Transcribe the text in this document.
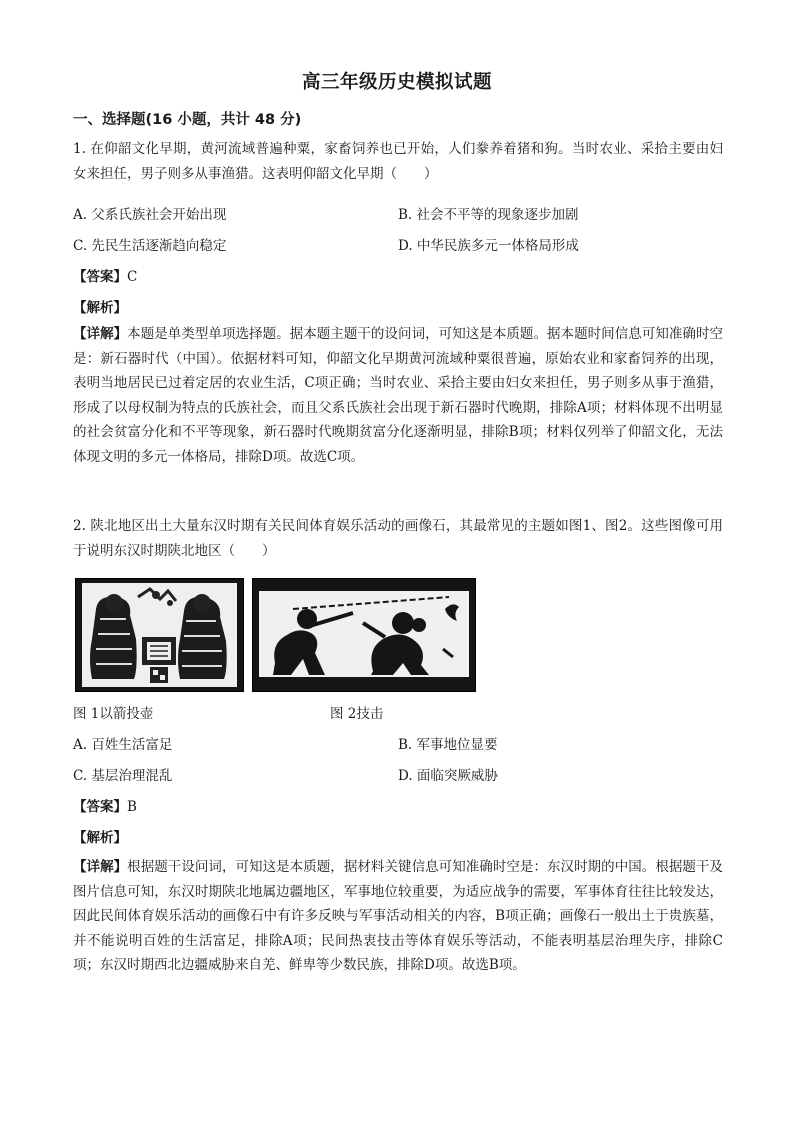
高三年级历史模拟试题
一、选择题(16 小题，共计 48 分)
1. 在仰韶文化早期，黄河流域普遍种粟，家畜饲养也已开始，人们豢养着猪和狗。当时农业、采拾主要由妇女来担任，男子则多从事渔猎。这表明仰韶文化早期（　　）
A. 父系氏族社会开始出现	B. 社会不平等的现象逐步加剧
C. 先民生活逐渐趋向稳定	D. 中华民族多元一体格局形成
【答案】C
【解析】
【详解】本题是单类型单项选择题。据本题主题干的设问词，可知这是本质题。据本题时间信息可知准确时空是：新石器时代（中国）。依据材料可知，仰韶文化早期黄河流域种粟很普遍，原始农业和家畜饲养的出现，表明当地居民已过着定居的农业生活，C项正确；当时农业、采拾主要由妇女来担任，男子则多从事于渔猎，形成了以母权制为特点的氏族社会，而且父系氏族社会出现于新石器时代晚期，排除A项；材料体现不出明显的社会贫富分化和不平等现象，新石器时代晚期贫富分化逐渐明显，排除B项；材料仅列举了仰韶文化，无法体现文明的多元一体格局，排除D项。故选C项。
2. 陕北地区出土大量东汉时期有关民间体育娱乐活动的画像石，其最常见的主题如图1、图2。这些图像可用于说明东汉时期陕北地区（　　）
图 1以箭投壶	图 2技击
A. 百姓生活富足	B. 军事地位显要
C. 基层治理混乱	D. 面临突厥威胁
【答案】B
【解析】
【详解】根据题干设问词，可知这是本质题，据材料关键信息可知准确时空是：东汉时期的中国。根据题干及图片信息可知，东汉时期陕北地属边疆地区，军事地位较重要，为适应战争的需要，军事体育往往比较发达，因此民间体育娱乐活动的画像石中有许多反映与军事活动相关的内容，B项正确；画像石一般出土于贵族墓，并不能说明百姓的生活富足，排除A项；民间热衷技击等体育娱乐等活动，不能表明基层治理失序，排除C项；东汉时期西北边疆威胁来自羌、鲜卑等少数民族，排除D项。故选B项。
